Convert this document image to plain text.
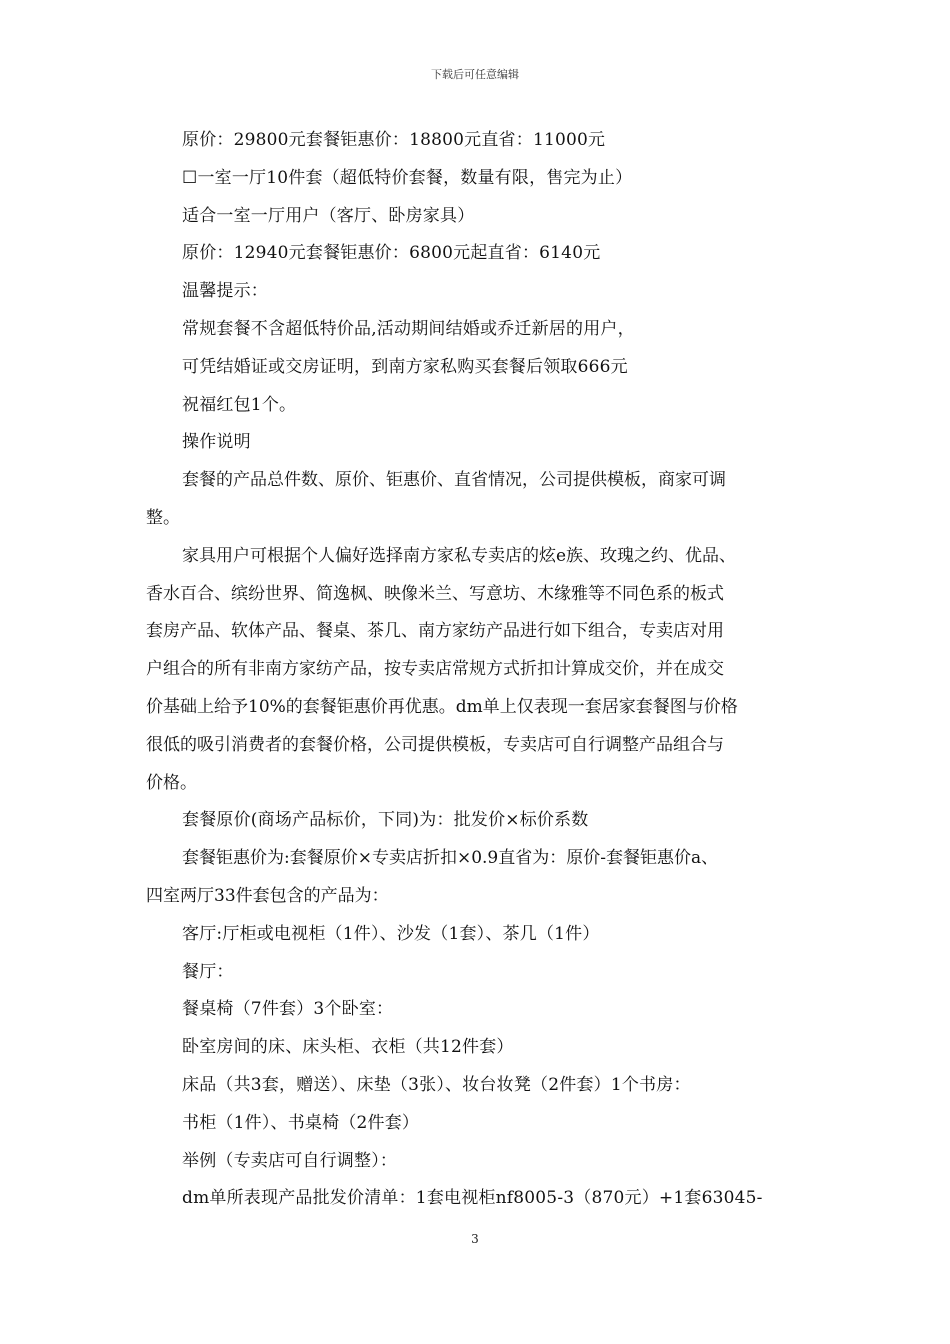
下载后可任意编辑
原价：29800元套餐钜惠价：18800元直省：11000元
☐一室一厅10件套（超低特价套餐，数量有限，售完为止）
适合一室一厅用户（客厅、卧房家具）
原价：12940元套餐钜惠价：6800元起直省：6140元
温馨提示：
常规套餐不含超低特价品,活动期间结婚或乔迁新居的用户，
可凭结婚证或交房证明，到南方家私购买套餐后领取666元
祝福红包1个。
操作说明
套餐的产品总件数、原价、钜惠价、直省情况，公司提供模板，商家可调
整。
家具用户可根据个人偏好选择南方家私专卖店的炫e族、玫瑰之约、优品、
香水百合、缤纷世界、简逸枫、映像米兰、写意坊、木缘雅等不同色系的板式
套房产品、软体产品、餐桌、茶几、南方家纺产品进行如下组合，专卖店对用
户组合的所有非南方家纺产品，按专卖店常规方式折扣计算成交价，并在成交
价基础上给予10%的套餐钜惠价再优惠。dm单上仅表现一套居家套餐图与价格
很低的吸引消费者的套餐价格，公司提供模板，专卖店可自行调整产品组合与
价格。
套餐原价(商场产品标价，下同)为：批发价×标价系数
套餐钜惠价为:套餐原价×专卖店折扣×0.9直省为：原价-套餐钜惠价a、
四室两厅33件套包含的产品为：
客厅:厅柜或电视柜（1件）、沙发（1套）、茶几（1件）
餐厅：
餐桌椅（7件套）3个卧室：
卧室房间的床、床头柜、衣柜（共12件套）
床品（共3套，赠送）、床垫（3张）、妆台妆凳（2件套）1个书房：
书柜（1件）、书桌椅（2件套）
举例（专卖店可自行调整）：
dm单所表现产品批发价清单：1套电视柜nf8005-3（870元）+1套63045-
3
